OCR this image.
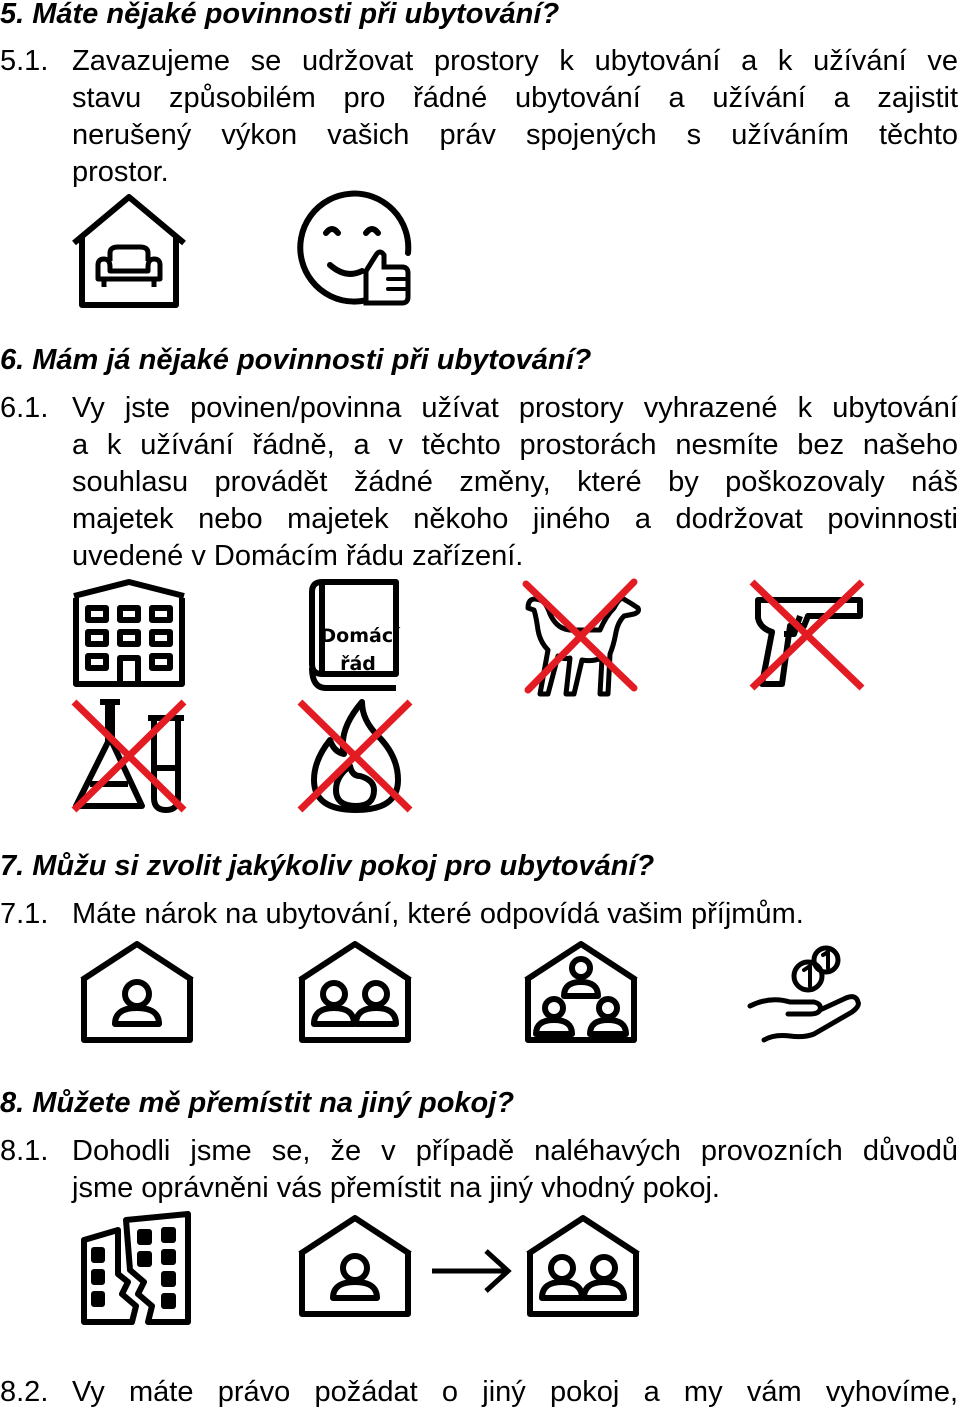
5. Máte nějaké povinnosti při ubytování?
5.1. Zavazujeme se udržovat prostory k ubytování a k užívání ve
stavu způsobilém pro řádné ubytování a užívání a zajistit
nerušený výkon vašich práv spojených s užíváním těchto
prostor.
6. Mám já nějaké povinnosti při ubytování?
6.1. Vy jste povinen/povinna užívat prostory vyhrazené k ubytování
a k užívání řádně, a v těchto prostorách nesmíte bez našeho
souhlasu provádět žádné změny, které by poškozovaly náš
majetek nebo majetek někoho jiného a dodržovat povinnosti
uvedené v Domácím řádu zařízení.
Domácí
řád
7. Můžu si zvolit jakýkoliv pokoj pro ubytování?
7.1. Máte nárok na ubytování, které odpovídá vašim příjmům.
8. Můžete mě přemístit na jiný pokoj?
8.1. Dohodli jsme se, že v případě naléhavých provozních důvodů
jsme oprávněni vás přemístit na jiný vhodný pokoj.
8.2. Vy máte právo požádat o jiný pokoj a my vám vyhovíme,
